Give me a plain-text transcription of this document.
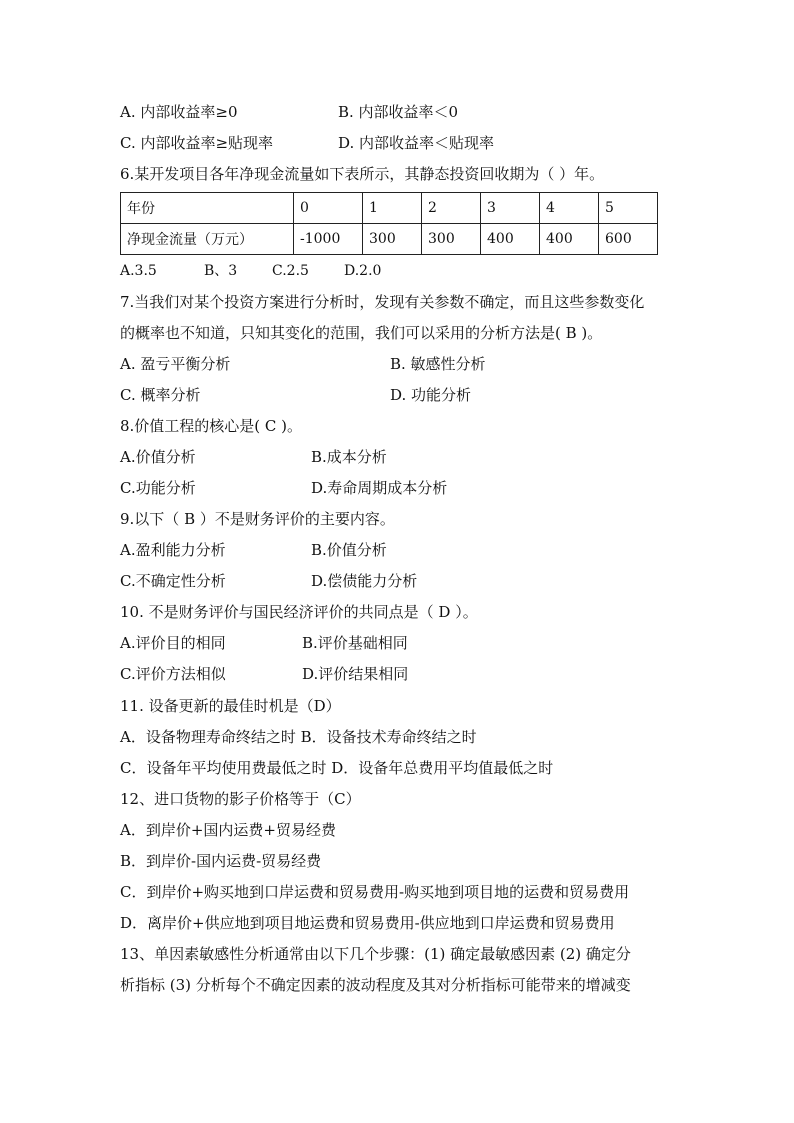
A. 内部收益率≥0	B. 内部收益率＜0
C. 内部收益率≥贴现率	D. 内部收益率＜贴现率
6.某开发项目各年净现金流量如下表所示，其静态投资回收期为（ ）年。
年份	0	1	2	3	4	5
净现金流量（万元）	-1000	300	300	400	400	600
A.3.5	B、3 C.2.5	D.2.0
7.当我们对某个投资方案进行分析时，发现有关参数不确定，而且这些参数变化
的概率也不知道，只知其变化的范围，我们可以采用的分析方法是( B )。
A. 盈亏平衡分析	B. 敏感性分析
C. 概率分析	D. 功能分析
8.价值工程的核心是( C )。
A.价值分析	B.成本分析
C.功能分析	D.寿命周期成本分析
9.以下（ B ）不是财务评价的主要内容。
A.盈利能力分析	B.价值分析
C.不确定性分析	D.偿债能力分析
10. 不是财务评价与国民经济评价的共同点是（ D ）。
A.评价目的相同	B.评价基础相同
C.评价方法相似	D.评价结果相同
11. 设备更新的最佳时机是（D）
A．设备物理寿命终结之时 B．设备技术寿命终结之时
C．设备年平均使用费最低之时 D．设备年总费用平均值最低之时
12、进口货物的影子价格等于（C）
A．到岸价+国内运费+贸易经费
B．到岸价-国内运费-贸易经费
C．到岸价+购买地到口岸运费和贸易费用-购买地到项目地的运费和贸易费用
D．离岸价+供应地到项目地运费和贸易费用-供应地到口岸运费和贸易费用
13、单因素敏感性分析通常由以下几个步骤：(1) 确定最敏感因素 (2) 确定分
析指标 (3) 分析每个不确定因素的波动程度及其对分析指标可能带来的增减变
